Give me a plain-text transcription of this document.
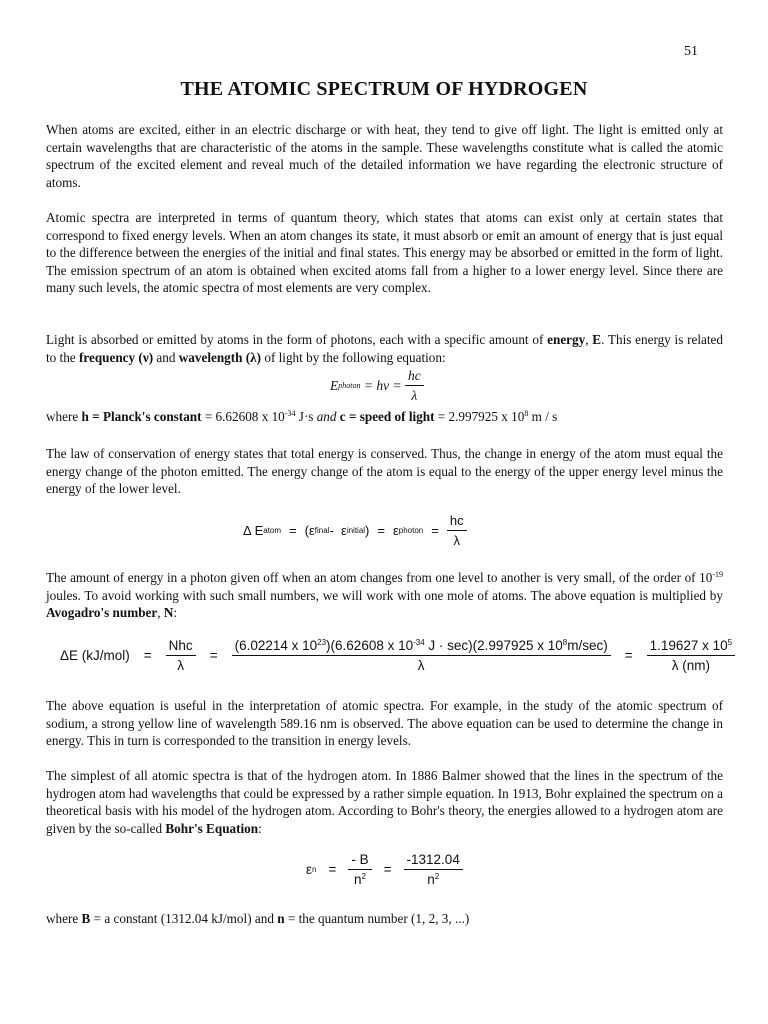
51
THE ATOMIC SPECTRUM OF HYDROGEN
When atoms are excited, either in an electric discharge or with heat, they tend to give off light. The light is emitted only at certain wavelengths that are characteristic of the atoms in the sample. These wavelengths constitute what is called the atomic spectrum of the excited element and reveal much of the detailed information we have regarding the electronic structure of atoms.
Atomic spectra are interpreted in terms of quantum theory, which states that atoms can exist only at certain states that correspond to fixed energy levels. When an atom changes its state, it must absorb or emit an amount of energy that is just equal to the difference between the energies of the initial and final states. This energy may be absorbed or emitted in the form of light. The emission spectrum of an atom is obtained when excited atoms fall from a higher to a lower energy level. Since there are many such levels, the atomic spectra of most elements are very complex.
Light is absorbed or emitted by atoms in the form of photons, each with a specific amount of energy, E. This energy is related to the frequency (ν) and wavelength (λ) of light by the following equation:
E photon = $h\nu = \frac{hc}{\lambda}$
where h = Planck's constant = 6.62608 x $10^{-34}$ J·s and c = speed of light = 2.997925 x $10^8$ m / s
The law of conservation of energy states that total energy is conserved. Thus, the change in energy of the atom must equal the energy change of the photon emitted. The energy change of the atom is equal to the energy of the upper energy level minus the energy of the lower level.
Δ E atom = (ε final -  ε initial ) = ε photon = $\frac{hc}{\lambda}$
The amount of energy in a photon given off when an atom changes from one level to another is very small, of the order of $10^{-19}$ joules. To avoid working with such small numbers, we will work with one mole of atoms. The above equation is multiplied by Avogadro's number, N:
ΔE $(kJ/mol) = \frac{\text{Nhc}}{\lambda}$ =
(6.02214 x $10^{23})(6.62608$ x $10^{-34}$ J · sec)(2.997925 x $10^8m/\sec$)
λ
= $\frac{1.19627 x 10^5}{\lambda (nm)}$
The above equation is useful in the interpretation of atomic spectra. For example, in the study of the atomic spectrum of sodium, a strong yellow line of wavelength 589.16 nm is observed. The above equation can be used to determine the change in energy. This in turn is corresponded to the transition in energy levels.
The simplest of all atomic spectra is that of the hydrogen atom. In 1886 Balmer showed that the lines in the spectrum of the hydrogen atom had wavelengths that could be expressed by a rather simple equation. In 1913, Bohr explained the spectrum on a theoretical basis with his model of the hydrogen atom. According to Bohr's theory, the energies allowed to a hydrogen atom are given by the so-called Bohr's Equation:
ε $n = \frac{- B}{n^2} = \frac{-1312.04}{n^2}$
where B = a constant (1312.04 kJ/mol) and n = the quantum number (1, 2, 3, ...)
